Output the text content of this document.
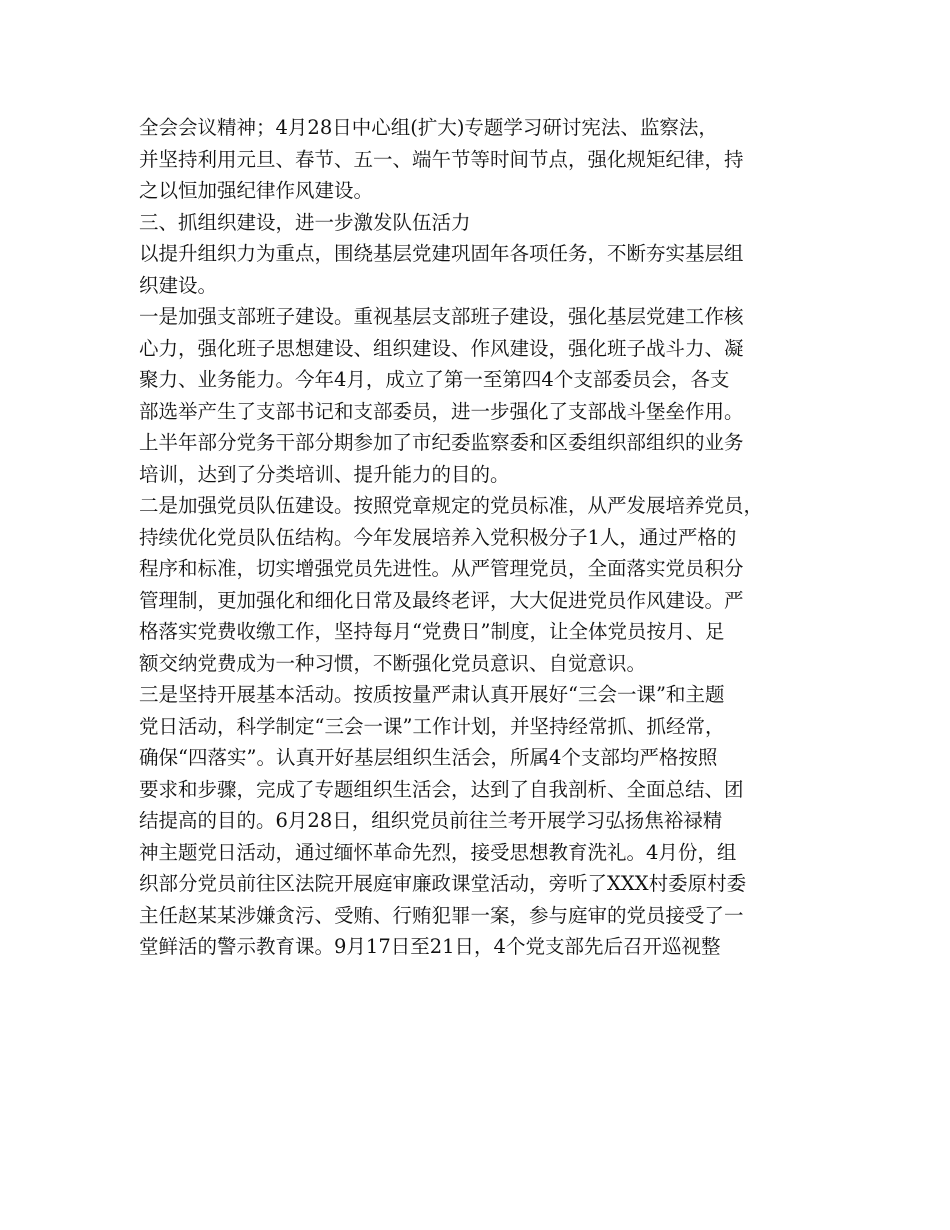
全会会议精神；4月28日中心组(扩大)专题学习研讨宪法、监察法，
并坚持利用元旦、春节、五一、端午节等时间节点，强化规矩纪律，持
之以恒加强纪律作风建设。
三、抓组织建设，进一步激发队伍活力
以提升组织力为重点，围绕基层党建巩固年各项任务，不断夯实基层组
织建设。
一是加强支部班子建设。重视基层支部班子建设，强化基层党建工作核
心力，强化班子思想建设、组织建设、作风建设，强化班子战斗力、凝
聚力、业务能力。今年4月，成立了第一至第四4个支部委员会，各支
部选举产生了支部书记和支部委员，进一步强化了支部战斗堡垒作用。
上半年部分党务干部分期参加了市纪委监察委和区委组织部组织的业务
培训，达到了分类培训、提升能力的目的。
二是加强党员队伍建设。按照党章规定的党员标准，从严发展培养党员，
持续优化党员队伍结构。今年发展培养入党积极分子1人，通过严格的
程序和标准，切实增强党员先进性。从严管理党员，全面落实党员积分
管理制，更加强化和细化日常及最终老评，大大促进党员作风建设。严
格落实党费收缴工作，坚持每月“党费日”制度，让全体党员按月、足
额交纳党费成为一种习惯，不断强化党员意识、自觉意识。
三是坚持开展基本活动。按质按量严肃认真开展好“三会一课”和主题
党日活动，科学制定“三会一课”工作计划，并坚持经常抓、抓经常，
确保“四落实”。认真开好基层组织生活会，所属4个支部均严格按照
要求和步骤，完成了专题组织生活会，达到了自我剖析、全面总结、团
结提高的目的。6月28日，组织党员前往兰考开展学习弘扬焦裕禄精
神主题党日活动，通过缅怀革命先烈，接受思想教育洗礼。4月份，组
织部分党员前往区法院开展庭审廉政课堂活动，旁听了XXX村委原村委
主任赵某某涉嫌贪污、受贿、行贿犯罪一案，参与庭审的党员接受了一
堂鲜活的警示教育课。9月17日至21日，4个党支部先后召开巡视整
